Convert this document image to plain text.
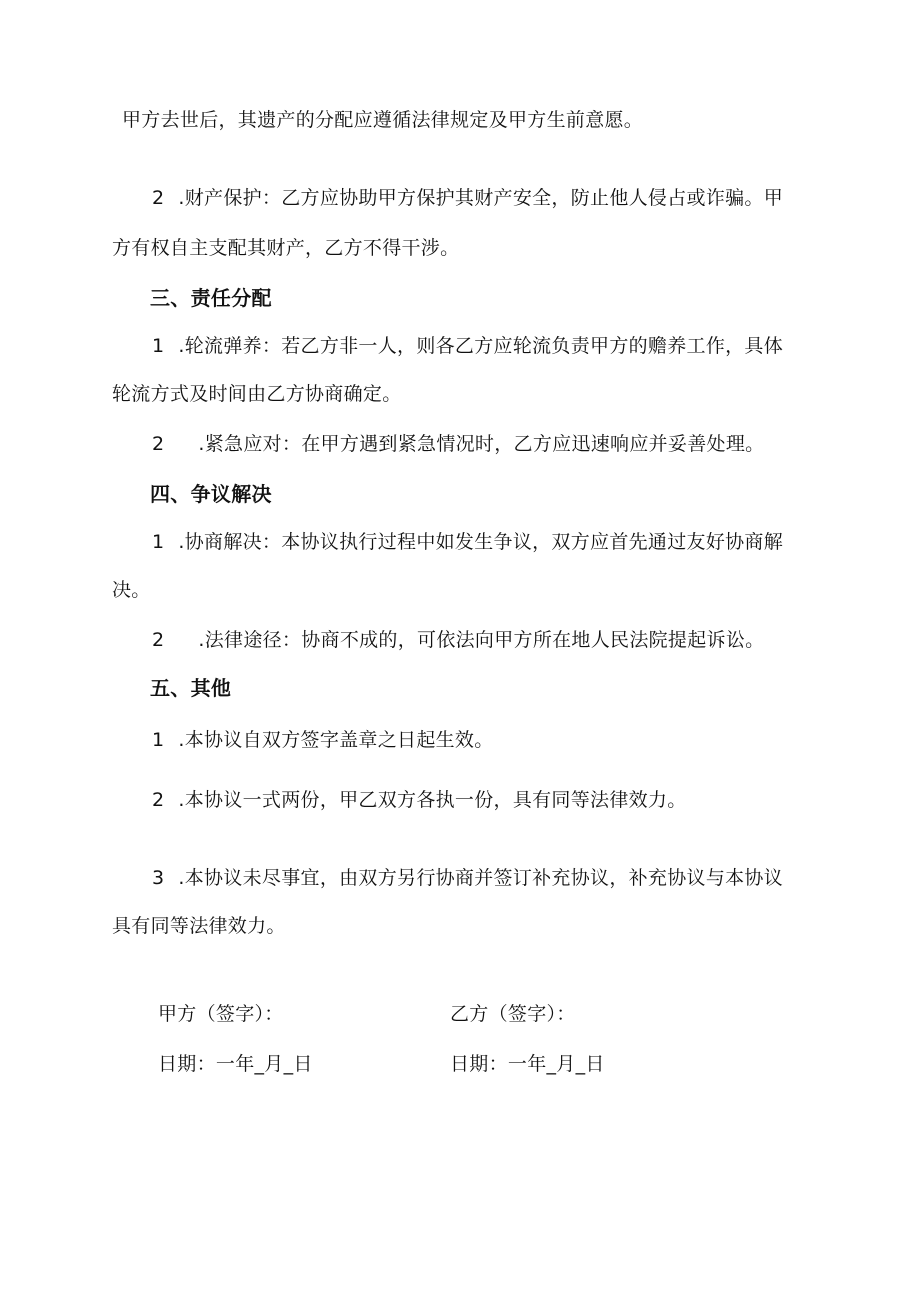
甲方去世后，其遗产的分配应遵循法律规定及甲方生前意愿。
2 .财产保护：乙方应协助甲方保护其财产安全，防止他人侵占或诈骗。甲
方有权自主支配其财产，乙方不得干涉。
三、责任分配
1 .轮流弹养：若乙方非一人，则各乙方应轮流负责甲方的赡养工作，具体
轮流方式及时间由乙方协商确定。
2 .紧急应对：在甲方遇到紧急情况时，乙方应迅速响应并妥善处理。
四、争议解决
1 .协商解决：本协议执行过程中如发生争议，双方应首先通过友好协商解
决。
2 .法律途径：协商不成的，可依法向甲方所在地人民法院提起诉讼。
五、其他
1 .本协议自双方签字盖章之日起生效。
2 .本协议一式两份，甲乙双方各执一份，具有同等法律效力。
3 .本协议未尽事宜，由双方另行协商并签订补充协议，补充协议与本协议
具有同等法律效力。
甲方（签字）：	乙方（签字）：
日期：一年_月_日	日期：一年_月_日
